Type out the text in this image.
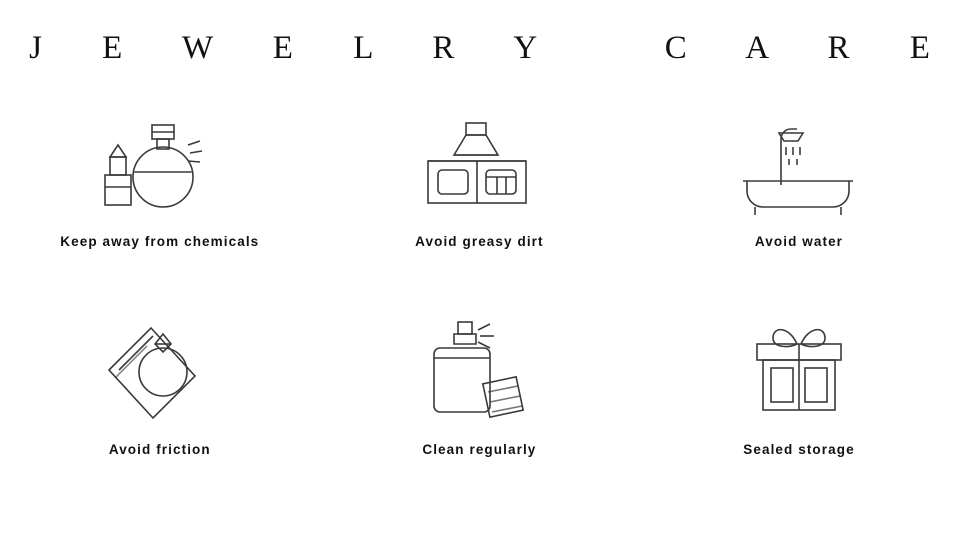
J E W E L R Y   C A R E
Keep away from chemicals	Avoid greasy dirt	Avoid water
Avoid friction	Clean regularly	Sealed storage
